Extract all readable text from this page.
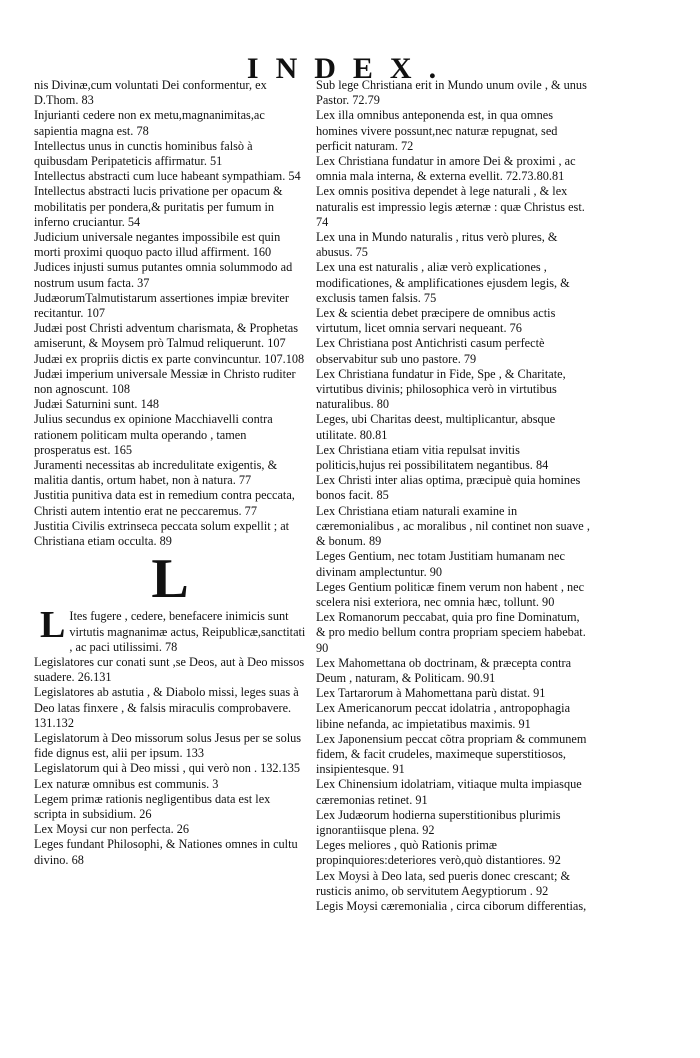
INDEX.
nis Divinæ,cum voluntati Dei conformentur, ex D.Thom. 83
Injurianti cedere non ex metu,magnanimitas,ac sapientia magna est. 78
Intellectus unus in cunctis hominibus falsò à quibusdam Peripateticis affirmatur. 51
Intellectus abstracti cum luce habeant sympathiam. 54
Intellectus abstracti lucis privatione per opacum & mobilitatis per pondera,& puritatis per fumum in inferno cruciantur. 54
Judicium universale negantes impossibile est quin morti proximi quoquo pacto illud affirment. 160
Judices injusti sumus putantes omnia solummodo ad nostrum usum facta. 37
JudæorumTalmutistarum assertiones impiæ breviter recitantur. 107
Judæi post Christi adventum charismata, & Prophetas amiserunt, & Moysem prò Talmud reliquerunt. 107
Judæi ex propriis dictis ex parte convincuntur. 107.108
Judæi imperium universale Messiæ in Christo ruditer non agnoscunt. 108
Judæi Saturnini sunt. 148
Julius secundus ex opinione Macchiavelli contra rationem politicam multa operando , tamen prosperatus est. 165
Juramenti necessitas ab incredulitate exigentis, & malitia dantis, ortum habet, non à natura. 77
Justitia punitiva data est in remedium contra peccata, Christi autem intentio erat ne peccaremus. 77
Justitia Civilis extrinseca peccata solum expellit ; at Christiana etiam occulta. 89
L
L Ites fugere , cedere, benefacere inimicis sunt virtutis magnanimæ actus, Reipublicæ,sanctitati , ac paci utilissimi. 78
Legislatores cur conati sunt ,se Deos, aut à Deo missos suadere. 26.131
Legislatores ab astutia , & Diabolo missi, leges suas à Deo latas finxere , & falsis miraculis comprobavere. 131.132
Legislatorum à Deo missorum solus Jesus per se solus fide dignus est, alii per ipsum. 133
Legislatorum qui à Deo missi , qui verò non . 132.135
Lex naturæ omnibus est communis. 3
Legem primæ rationis negligentibus data est lex scripta in subsidium. 26
Lex Moysi cur non perfecta. 26
Leges fundant Philosophi, & Nationes omnes in cultu divino. 68
Sub lege Christiana erit in Mundo unum ovile , & unus Pastor. 72.79
Lex illa omnibus anteponenda est, in qua omnes homines vivere possunt,nec naturæ repugnat, sed perficit naturam. 72
Lex Christiana fundatur in amore Dei & proximi , ac omnia mala interna, & externa evellit. 72.73.80.81
Lex omnis positiva dependet à lege naturali , & lex naturalis est impressio legis æternæ : quæ Christus est. 74
Lex una in Mundo naturalis , ritus verò plures, & abusus. 75
Lex una est naturalis , aliæ verò explicationes , modificationes, & amplificationes ejusdem legis, & exclusis tamen falsis. 75
Lex & scientia debet præcipere de omnibus actis virtutum, licet omnia servari nequeant. 76
Lex Christiana post Antichristi casum perfectè observabitur sub uno pastore. 79
Lex Christiana fundatur in Fide, Spe , & Charitate, virtutibus divinis; philosophica verò in virtutibus naturalibus. 80
Leges, ubi Charitas deest, multiplicantur, absque utilitate. 80.81
Lex Christiana etiam vitia repulsat invitis politicis,hujus rei possibilitatem negantibus. 84
Lex Christi inter alias optima, præcipuè quia homines bonos facit. 85
Lex Christiana etiam naturali examine in cæremonialibus , ac moralibus , nil continet non suave , & bonum. 89
Leges Gentium, nec totam Justitiam humanam nec divinam amplectuntur. 90
Leges Gentium politicæ finem verum non habent , nec scelera nisi exteriora, nec omnia hæc, tollunt. 90
Lex Romanorum peccabat, quia pro fine Dominatum, & pro medio bellum contra propriam speciem habebat. 90
Lex Mahomettana ob doctrinam, & præcepta contra Deum , naturam, & Politicam. 90.91
Lex Tartarorum à Mahomettana parù distat. 91
Lex Americanorum peccat idolatria , antropophagia libine nefanda, ac impietatibus maximis. 91
Lex Japonensium peccat cõtra propriam & communem fidem, & facit crudeles, maximeque superstitiosos, insipientesque. 91
Lex Chinensium idolatriam, vitiaque multa impiasque cæremonias retinet. 91
Lex Judæorum hodierna superstitionibus plurimis ignorantiisque plena. 92
Leges meliores , quò Rationis primæ propinquiores:deteriores verò,quò distantiores. 92
Lex Moysi à Deo lata, sed pueris donec crescant; & rusticis animo, ob servitutem Aegyptiorum . 92
Legis Moysi cæremonialia , circa ciborum differentias,
